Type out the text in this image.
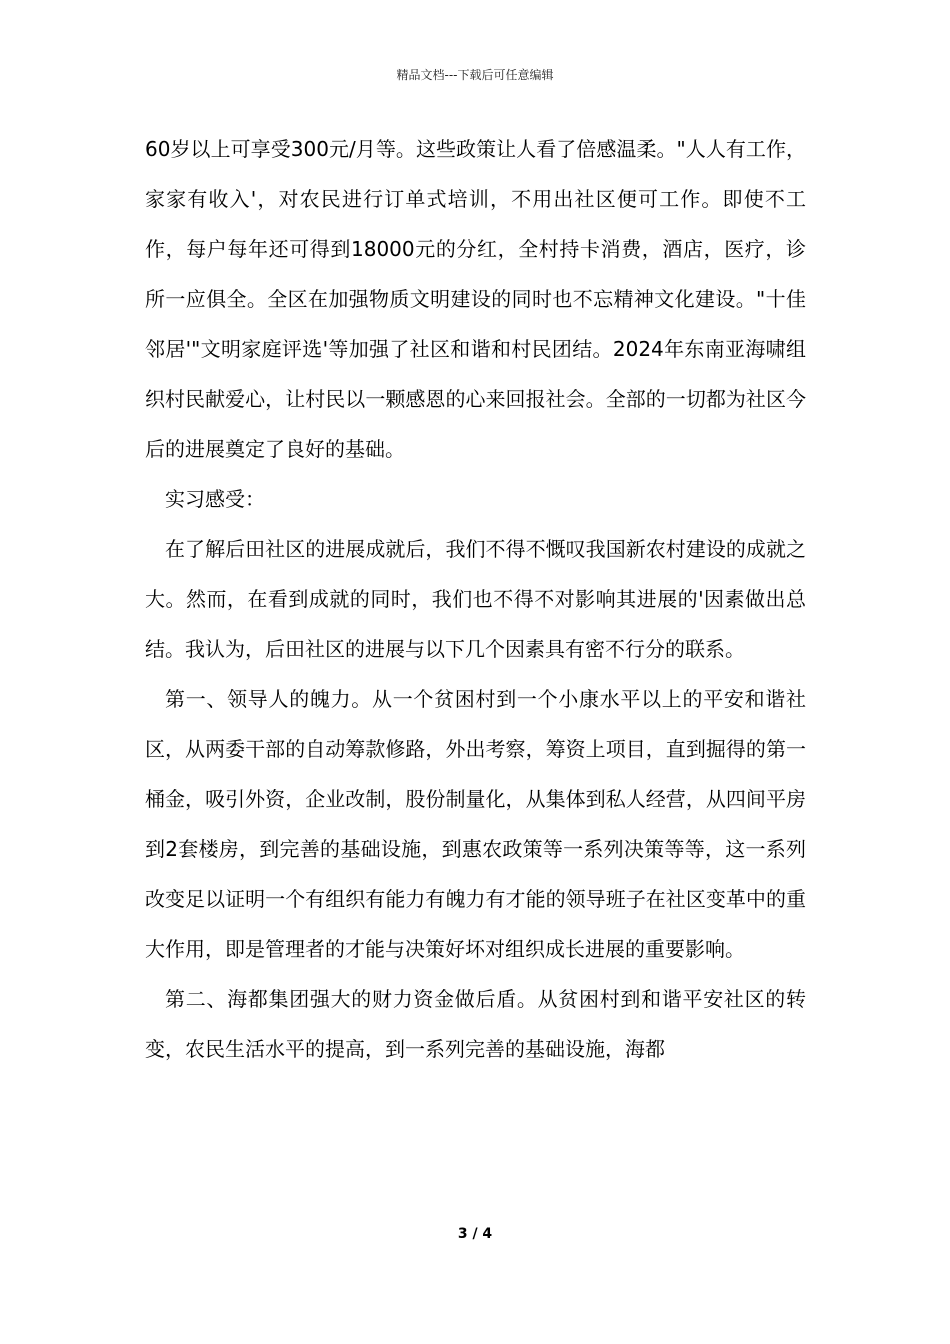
精品文档---下载后可任意编辑

60岁以上可享受300元/月等。这些政策让人看了倍感温柔。"人人有工作，家家有收入'，对农民进行订单式培训，不用出社区便可工作。即使不工作，每户每年还可得到18000元的分红，全村持卡消费，酒店，医疗，诊所一应俱全。全区在加强物质文明建设的同时也不忘精神文化建设。"十佳邻居'"文明家庭评选'等加强了社区和谐和村民团结。2024年东南亚海啸组织村民献爱心，让村民以一颗感恩的心来回报社会。全部的一切都为社区今后的进展奠定了良好的基础。

实习感受：

在了解后田社区的进展成就后，我们不得不慨叹我国新农村建设的成就之大。然而，在看到成就的同时，我们也不得不对影响其进展的'因素做出总结。我认为，后田社区的进展与以下几个因素具有密不行分的联系。

第一、领导人的魄力。从一个贫困村到一个小康水平以上的平安和谐社区，从两委干部的自动筹款修路，外出考察，筹资上项目，直到掘得的第一桶金，吸引外资，企业改制，股份制量化，从集体到私人经营，从四间平房到2套楼房，到完善的基础设施，到惠农政策等一系列决策等等，这一系列改变足以证明一个有组织有能力有魄力有才能的领导班子在社区变革中的重大作用，即是管理者的才能与决策好坏对组织成长进展的重要影响。

第二、海都集团强大的财力资金做后盾。从贫困村到和谐平安社区的转变，农民生活水平的提高，到一系列完善的基础设施，海都

3 / 4
